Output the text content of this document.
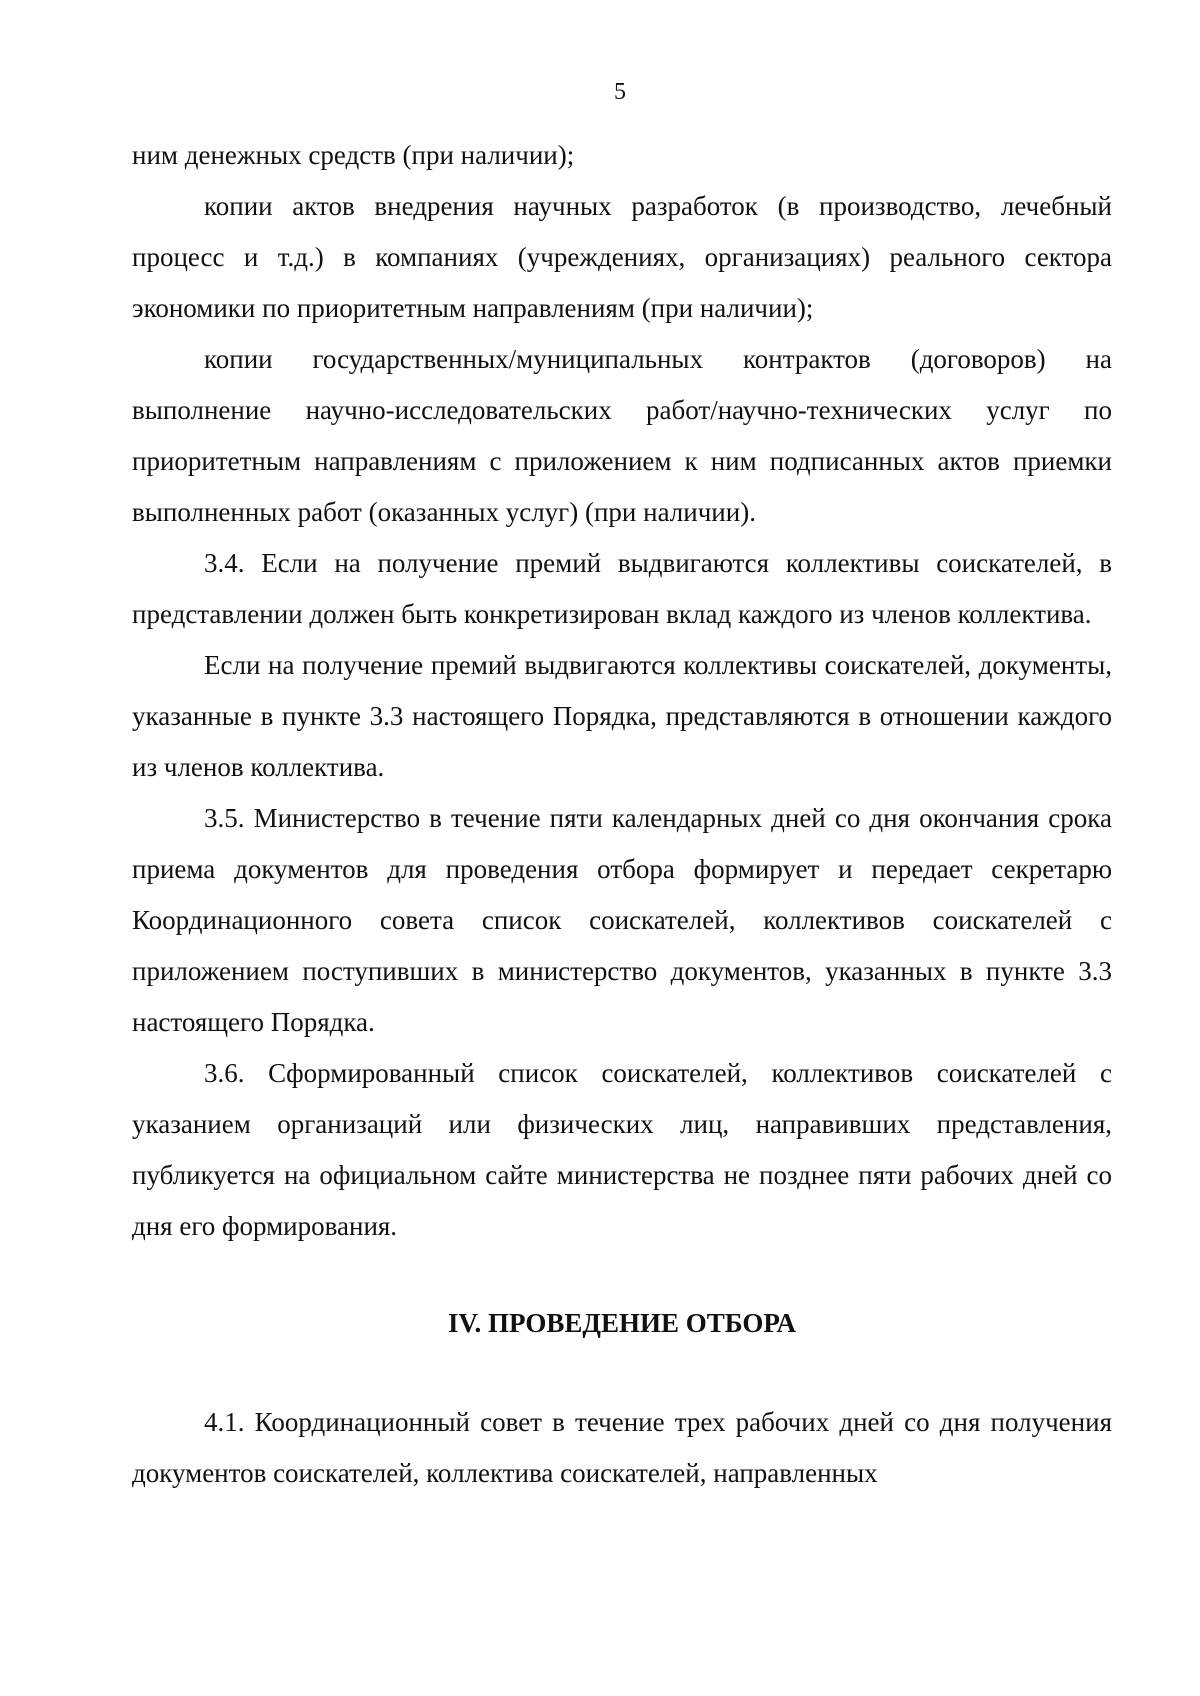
5

ним денежных средств (при наличии);

копии актов внедрения научных разработок (в производство, лечебный процесс и т.д.) в компаниях (учреждениях, организациях) реального сектора экономики по приоритетным направлениям (при наличии);

копии государственных/муниципальных контрактов (договоров) на выполнение научно-исследовательских работ/научно-технических услуг по приоритетным направлениям с приложением к ним подписанных актов приемки выполненных работ (оказанных услуг) (при наличии).

3.4. Если на получение премий выдвигаются коллективы соискателей, в представлении должен быть конкретизирован вклад каждого из членов коллектива.

Если на получение премий выдвигаются коллективы соискателей, документы, указанные в пункте 3.3 настоящего Порядка, представляются в отношении каждого из членов коллектива.

3.5. Министерство в течение пяти календарных дней со дня окончания срока приема документов для проведения отбора формирует и передает секретарю Координационного совета список соискателей, коллективов соискателей с приложением поступивших в министерство документов, указанных в пункте 3.3 настоящего Порядка.

3.6. Сформированный список соискателей, коллективов соискателей с указанием организаций или физических лиц, направивших представления, публикуется на официальном сайте министерства не позднее пяти рабочих дней со дня его формирования.

IV. ПРОВЕДЕНИЕ ОТБОРА

4.1. Координационный совет в течение трех рабочих дней со дня получения документов соискателей, коллектива соискателей, направленных
